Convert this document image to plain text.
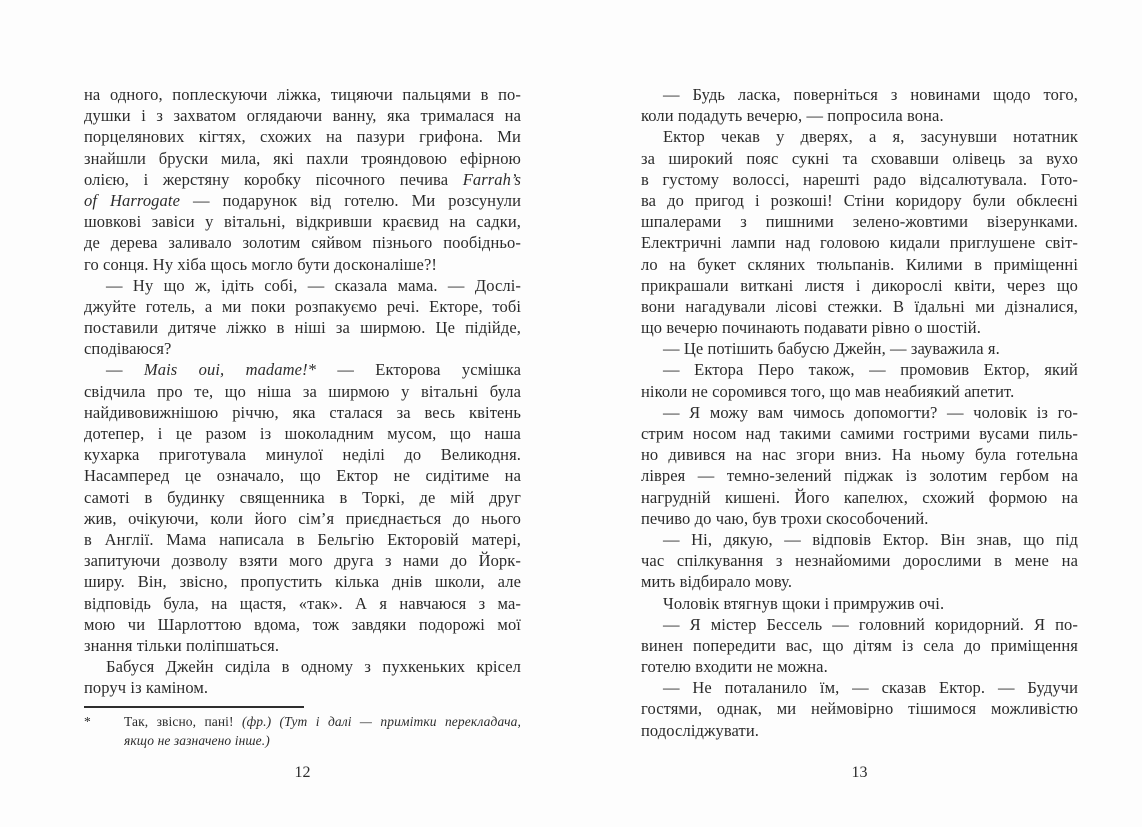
на одного, поплескуючи ліжка, тицяючи пальцями в по-
душки і з захватом оглядаючи ванну, яка трималася на
порцелянових кігтях, схожих на пазури грифона. Ми
знайшли бруски мила, які пахли трояндовою ефірною
олією, і жерстяну коробку пісочного печива Farrah’s
of Harrogate — подарунок від готелю. Ми розсунули
шовкові завіси у вітальні, відкривши краєвид на садки,
де дерева заливало золотим сяйвом пізнього пообідньо-
го сонця. Ну хіба щось могло бути досконаліше?!
— Ну що ж, ідіть собі, — сказала мама. — Дослі-
джуйте готель, а ми поки розпакуємо речі. Екторе, тобі
поставили дитяче ліжко в ніші за ширмою. Це підійде,
сподіваюся?
— Mais oui, madame!* — Екторова усмішка
свідчила про те, що ніша за ширмою у вітальні була
найдивовижнішою річчю, яка сталася за весь квітень
дотепер, і це разом із шоколадним мусом, що наша
кухарка приготувала минулої неділі до Великодня.
Насамперед це означало, що Ектор не сидітиме на
самоті в будинку священника в Торкі, де мій друг
жив, очікуючи, коли його сім’я приєднається до нього
в Англії. Мама написала в Бельгію Екторовій матері,
запитуючи дозволу взяти мого друга з нами до Йорк-
ширу. Він, звісно, пропустить кілька днів школи, але
відповідь була, на щастя, «так». А я навчаюся з ма-
мою чи Шарлоттою вдома, тож завдяки подорожі мої
знання тільки поліпшаться.
Бабуся Джейн сиділа в одному з пухкеньких крісел
поруч із каміном.
*	Так, звісно, пані! (фр.) (Тут і далі — примітки перекладача,
якщо не зазначено інше.)
12
— Будь ласка, поверніться з новинами щодо того,
коли подадуть вечерю, — попросила вона.
Ектор чекав у дверях, а я, засунувши нотатник
за широкий пояс сукні та сховавши олівець за вухо
в густому волоссі, нарешті радо відсалютувала. Гото-
ва до пригод і розкоші! Стіни коридору були обклеєні
шпалерами з пишними зелено-жовтими візерунками.
Електричні лампи над головою кидали приглушене світ-
ло на букет скляних тюльпанів. Килими в приміщенні
прикрашали виткані листя і дикорослі квіти, через що
вони нагадували лісові стежки. В їдальні ми дізналися,
що вечерю починають подавати рівно о шостій.
— Це потішить бабусю Джейн, — зауважила я.
— Ектора Перо також, — промовив Ектор, який
ніколи не соромився того, що мав неабиякий апетит.
— Я можу вам чимось допомогти? — чоловік із го-
стрим носом над такими самими гострими вусами пиль-
но дивився на нас згори вниз. На ньому була готельна
ліврея — темно-зелений піджак із золотим гербом на
нагрудній кишені. Його капелюх, схожий формою на
печиво до чаю, був трохи скособочений.
— Ні, дякую, — відповів Ектор. Він знав, що під
час спілкування з незнайомими дорослими в мене на
мить відбирало мову.
Чоловік втягнув щоки і примружив очі.
— Я містер Бессель — головний коридорний. Я по-
винен попередити вас, що дітям із села до приміщення
готелю входити не можна.
— Не поталанило їм, — сказав Ектор. — Будучи
гостями, однак, ми неймовірно тішимося можливістю
подосліджувати.
13
